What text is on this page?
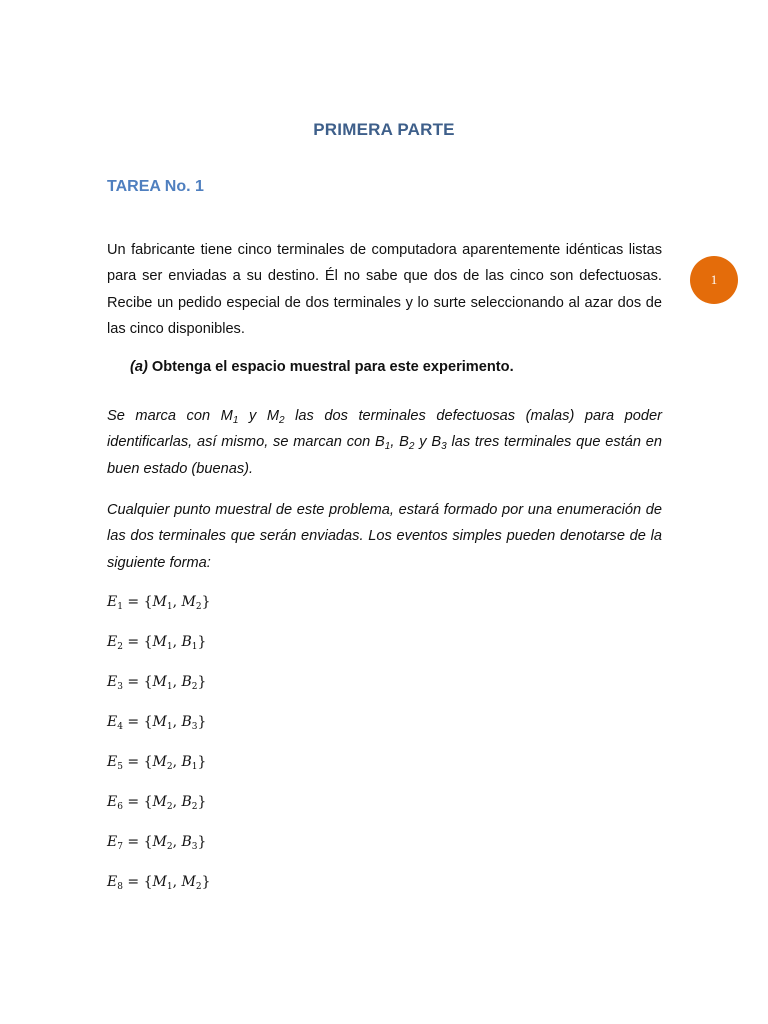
PRIMERA PARTE
TAREA No. 1
1
Un fabricante tiene cinco terminales de computadora aparentemente idénticas listas para ser enviadas a su destino. Él no sabe que dos de las cinco son defectuosas. Recibe un pedido especial de dos terminales y lo surte seleccionando al azar dos de las cinco disponibles.
(a) Obtenga el espacio muestral para este experimento.
Se marca con $M_1$ y $M_2$ las dos terminales defectuosas (malas) para poder identificarlas, así mismo, se marcan con $B_1$, $B_2$ y $B_3$ las tres terminales que están en buen estado (buenas).
Cualquier punto muestral de este problema, estará formado por una enumeración de las dos terminales que serán enviadas. Los eventos simples pueden denotarse de la siguiente forma:
$E_1 = \{M_1$, $M_2$}
$E_2 = \{M_1$, $B_1$}
$E_3 = \{M_1$, $B_2$}
$E_4 = \{M_1$, $B_3$}
$E_5 = \{M_2$, $B_1$}
$E_6 = \{M_2$, $B_2$}
$E_7 = \{M_2$, $B_3$}
$E_8 = \{M_1$, $M_2$}
